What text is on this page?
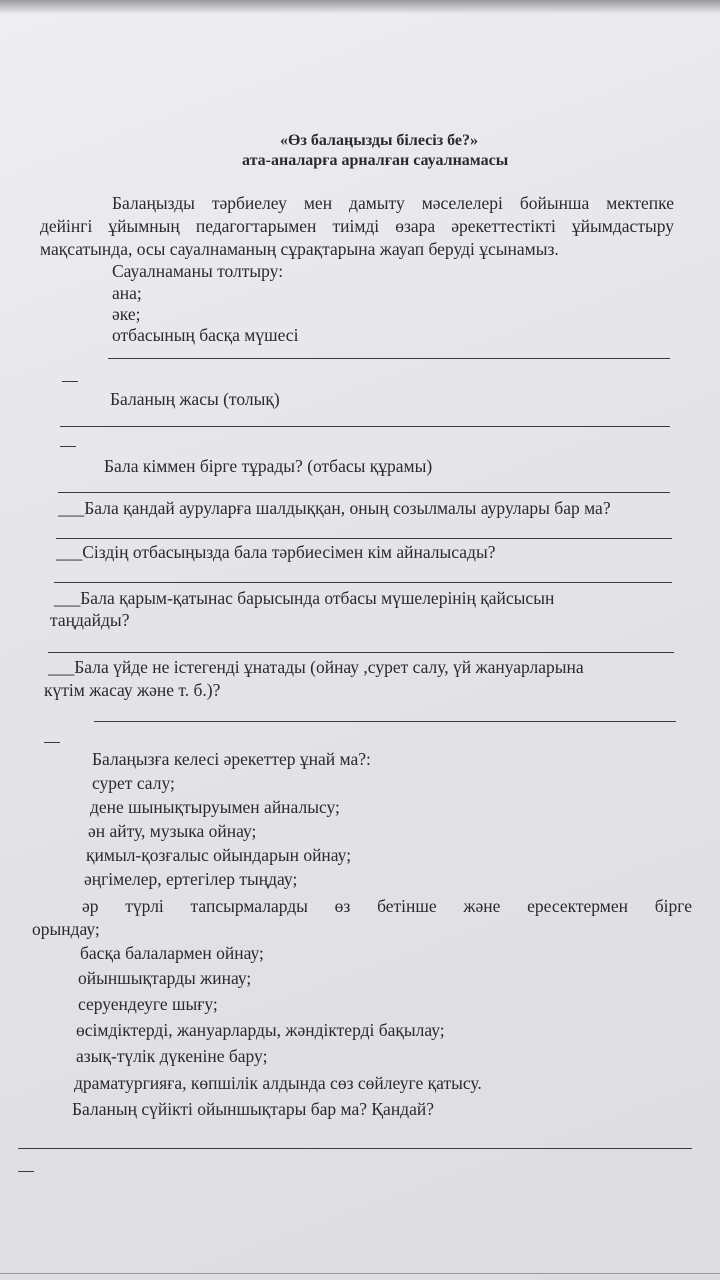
«Өз балаңызды білесіз бе?»
ата-аналарға арналған сауалнамасы
Балаңызды тәрбиелеу мен дамыту мәселелері бойынша мектепке
дейінгі ұйымның педагогтарымен тиімді өзара әрекеттестікті ұйымдастыру
мақсатында, осы сауалнаманың сұрақтарына жауап беруді ұсынамыз.
Сауалнаманы толтыру:
ана;
әке;
отбасының басқа мүшесі
Баланың жасы (толық)
Бала кіммен бірге тұрады? (отбасы құрамы)
___Бала қандай ауруларға шалдыққан, оның созылмалы аурулары бар ма?
___Сіздің отбасыңызда бала тәрбиесімен кім айналысады?
___Бала қарым-қатынас барысында отбасы мүшелерінің қайсысын
таңдайды?
___Бала үйде не істегенді ұнатады (ойнау ,сурет салу, үй жануарларына
күтім жасау және т. б.)?
Балаңызға келесі әрекеттер ұнай ма?:
сурет салу;
дене шынықтыруымен айналысу;
ән айту, музыка ойнау;
қимыл-қозғалыс ойындарын ойнау;
әңгімелер, ертегілер тыңдау;
әр түрлі тапсырмаларды өз бетінше және ересектермен бірге
орындау;
басқа балалармен ойнау;
ойыншықтарды жинау;
серуендеуге шығу;
өсімдіктерді, жануарларды, жәндіктерді бақылау;
азық-түлік дүкеніне бару;
драматургияға, көпшілік алдында сөз сөйлеуге қатысу.
Баланың сүйікті ойыншықтары бар ма? Қандай?
